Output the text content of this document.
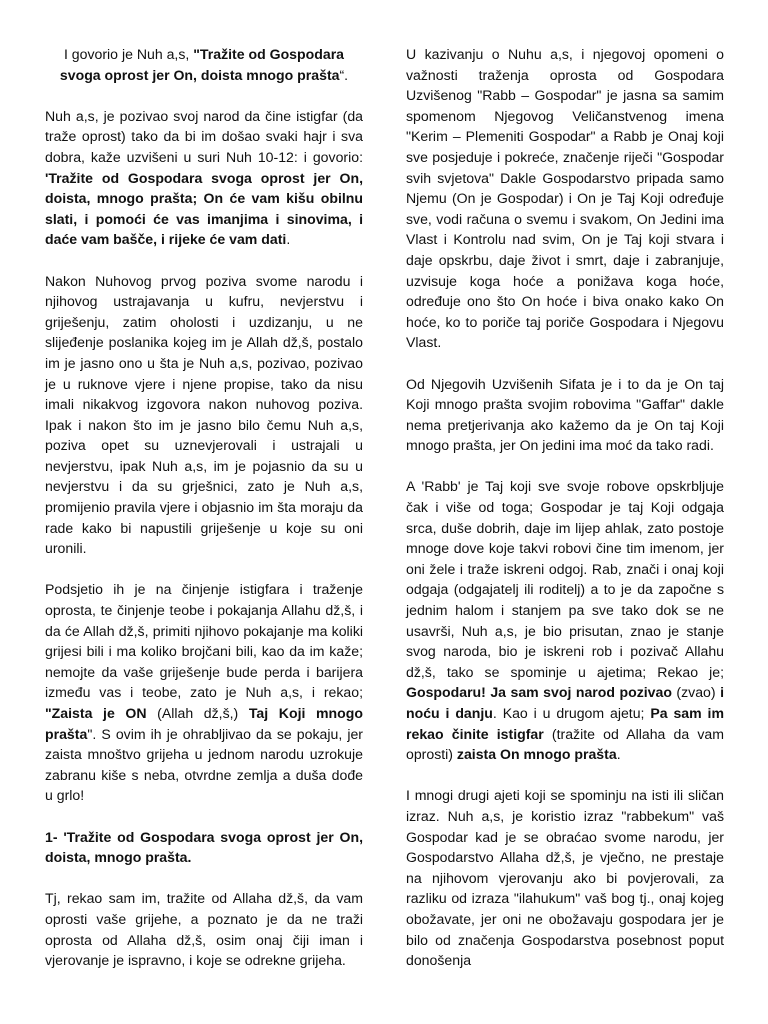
I govorio je Nuh a,s, "Tražite od Gospodara svoga oprost jer On, doista mnogo prašta“.

Nuh a,s, je pozivao svoj narod da čine istigfar (da traže oprost) tako da bi im došao svaki hajr i sva dobra, kaže uzvišeni u suri Nuh 10-12: i govorio: 'Tražite od Gospodara svoga oprost jer On, doista, mnogo prašta; On će vam kišu obilnu slati, i pomoći će vas imanjima i sinovima, i daće vam bašče, i rijeke će vam dati.

Nakon Nuhovog prvog poziva svome narodu i njihovog ustrajavanja u kufru, nevjerstvu i griješenju, zatim oholosti i uzdizanju, u ne slijeđenje poslanika kojeg im je Allah dž,š, postalo im je jasno ono u šta je Nuh a,s, pozivao, pozivao je u ruknove vjere i njene propise, tako da nisu imali nikakvog izgovora nakon nuhovog poziva. Ipak i nakon što im je jasno bilo čemu Nuh a,s, poziva opet su uznevjerovali i ustrajali u nevjerstvu, ipak Nuh a,s, im je pojasnio da su u nevjerstvu i da su grješnici, zato je Nuh a,s, promijenio pravila vjere i objasnio im šta moraju da rade kako bi napustili griješenje u koje su oni uronili.

Podsjetio ih je na činjenje istigfara i traženje oprosta, te činjenje teobe i pokajanja Allahu dž,š, i da će Allah dž,š, primiti njihovo pokajanje ma koliki grijesi bili i ma koliko brojčani bili, kao da im kaže; nemojte da vaše griješenje bude perda i barijera između vas i teobe, zato je Nuh a,s, i rekao; "Zaista je ON (Allah dž,š,) Taj Koji mnogo prašta". S ovim ih je ohrabljivao da se pokaju, jer zaista mnoštvo grijeha u jednom narodu uzrokuje zabranu kiše s neba, otvrdne zemlja a duša dođe u grlo!

1- 'Tražite od Gospodara svoga oprost jer On, doista, mnogo prašta.

Tj, rekao sam im, tražite od Allaha dž,š, da vam oprosti vaše grijehe, a poznato je da ne traži oprosta od Allaha dž,š, osim onaj čiji iman i vjerovanje je ispravno, i koje se odrekne grijeha.

U kazivanju o Nuhu a,s, i njegovoj opomeni o važnosti traženja oprosta od Gospodara Uzvišenog "Rabb – Gospodar" je jasna sa samim spomenom Njegovog Veličanstvenog imena "Kerim – Plemeniti Gospodar" a Rabb je Onaj koji sve posjeduje i pokreće, značenje riječi "Gospodar svih svjetova" Dakle Gospodarstvo pripada samo Njemu (On je Gospodar) i On je Taj Koji određuje sve, vodi računa o svemu i svakom, On Jedini ima Vlast i Kontrolu nad svim, On je Taj koji stvara i daje opskrbu, daje život i smrt, daje i zabranjuje, uzvisuje koga hoće a ponižava koga hoće, određuje ono što On hoće i biva onako kako On hoće, ko to poriče taj poriče Gospodara i Njegovu Vlast.

Od Njegovih Uzvišenih Sifata je i to da je On taj Koji mnogo prašta svojim robovima "Gaffar" dakle nema pretjerivanja ako kažemo da je On taj Koji mnogo prašta, jer On jedini ima moć da tako radi.

A 'Rabb' je Taj koji sve svoje robove opskrbljuje čak i više od toga; Gospodar je taj Koji odgaja srca, duše dobrih, daje im lijep ahlak, zato postoje mnoge dove koje takvi robovi čine tim imenom, jer oni žele i traže iskreni odgoj. Rab, znači i onaj koji odgaja (odgajatelj ili roditelj) a to je da započne s jednim halom i stanjem pa sve tako dok se ne usavrši, Nuh a,s, je bio prisutan, znao je stanje svog naroda, bio je iskreni rob i pozivač Allahu dž,š, tako se spominje u ajetima; Rekao je; Gospodaru! Ja sam svoj narod pozivao (zvao) i noću i danju. Kao i u drugom ajetu; Pa sam im rekao činite istigfar (tražite od Allaha da vam oprosti) zaista On mnogo prašta.

I mnogi drugi ajeti koji se spominju na isti ili sličan izraz. Nuh a,s, je koristio izraz "rabbekum" vaš Gospodar kad je se obraćao svome narodu, jer Gospodarstvo Allaha dž,š, je vječno, ne prestaje na njihovom vjerovanju ako bi povjerovali, za razliku od izraza "ilahukum" vaš bog tj., onaj kojeg obožavate, jer oni ne obožavaju gospodara jer je bilo od značenja Gospodarstva posebnost poput donošenja
